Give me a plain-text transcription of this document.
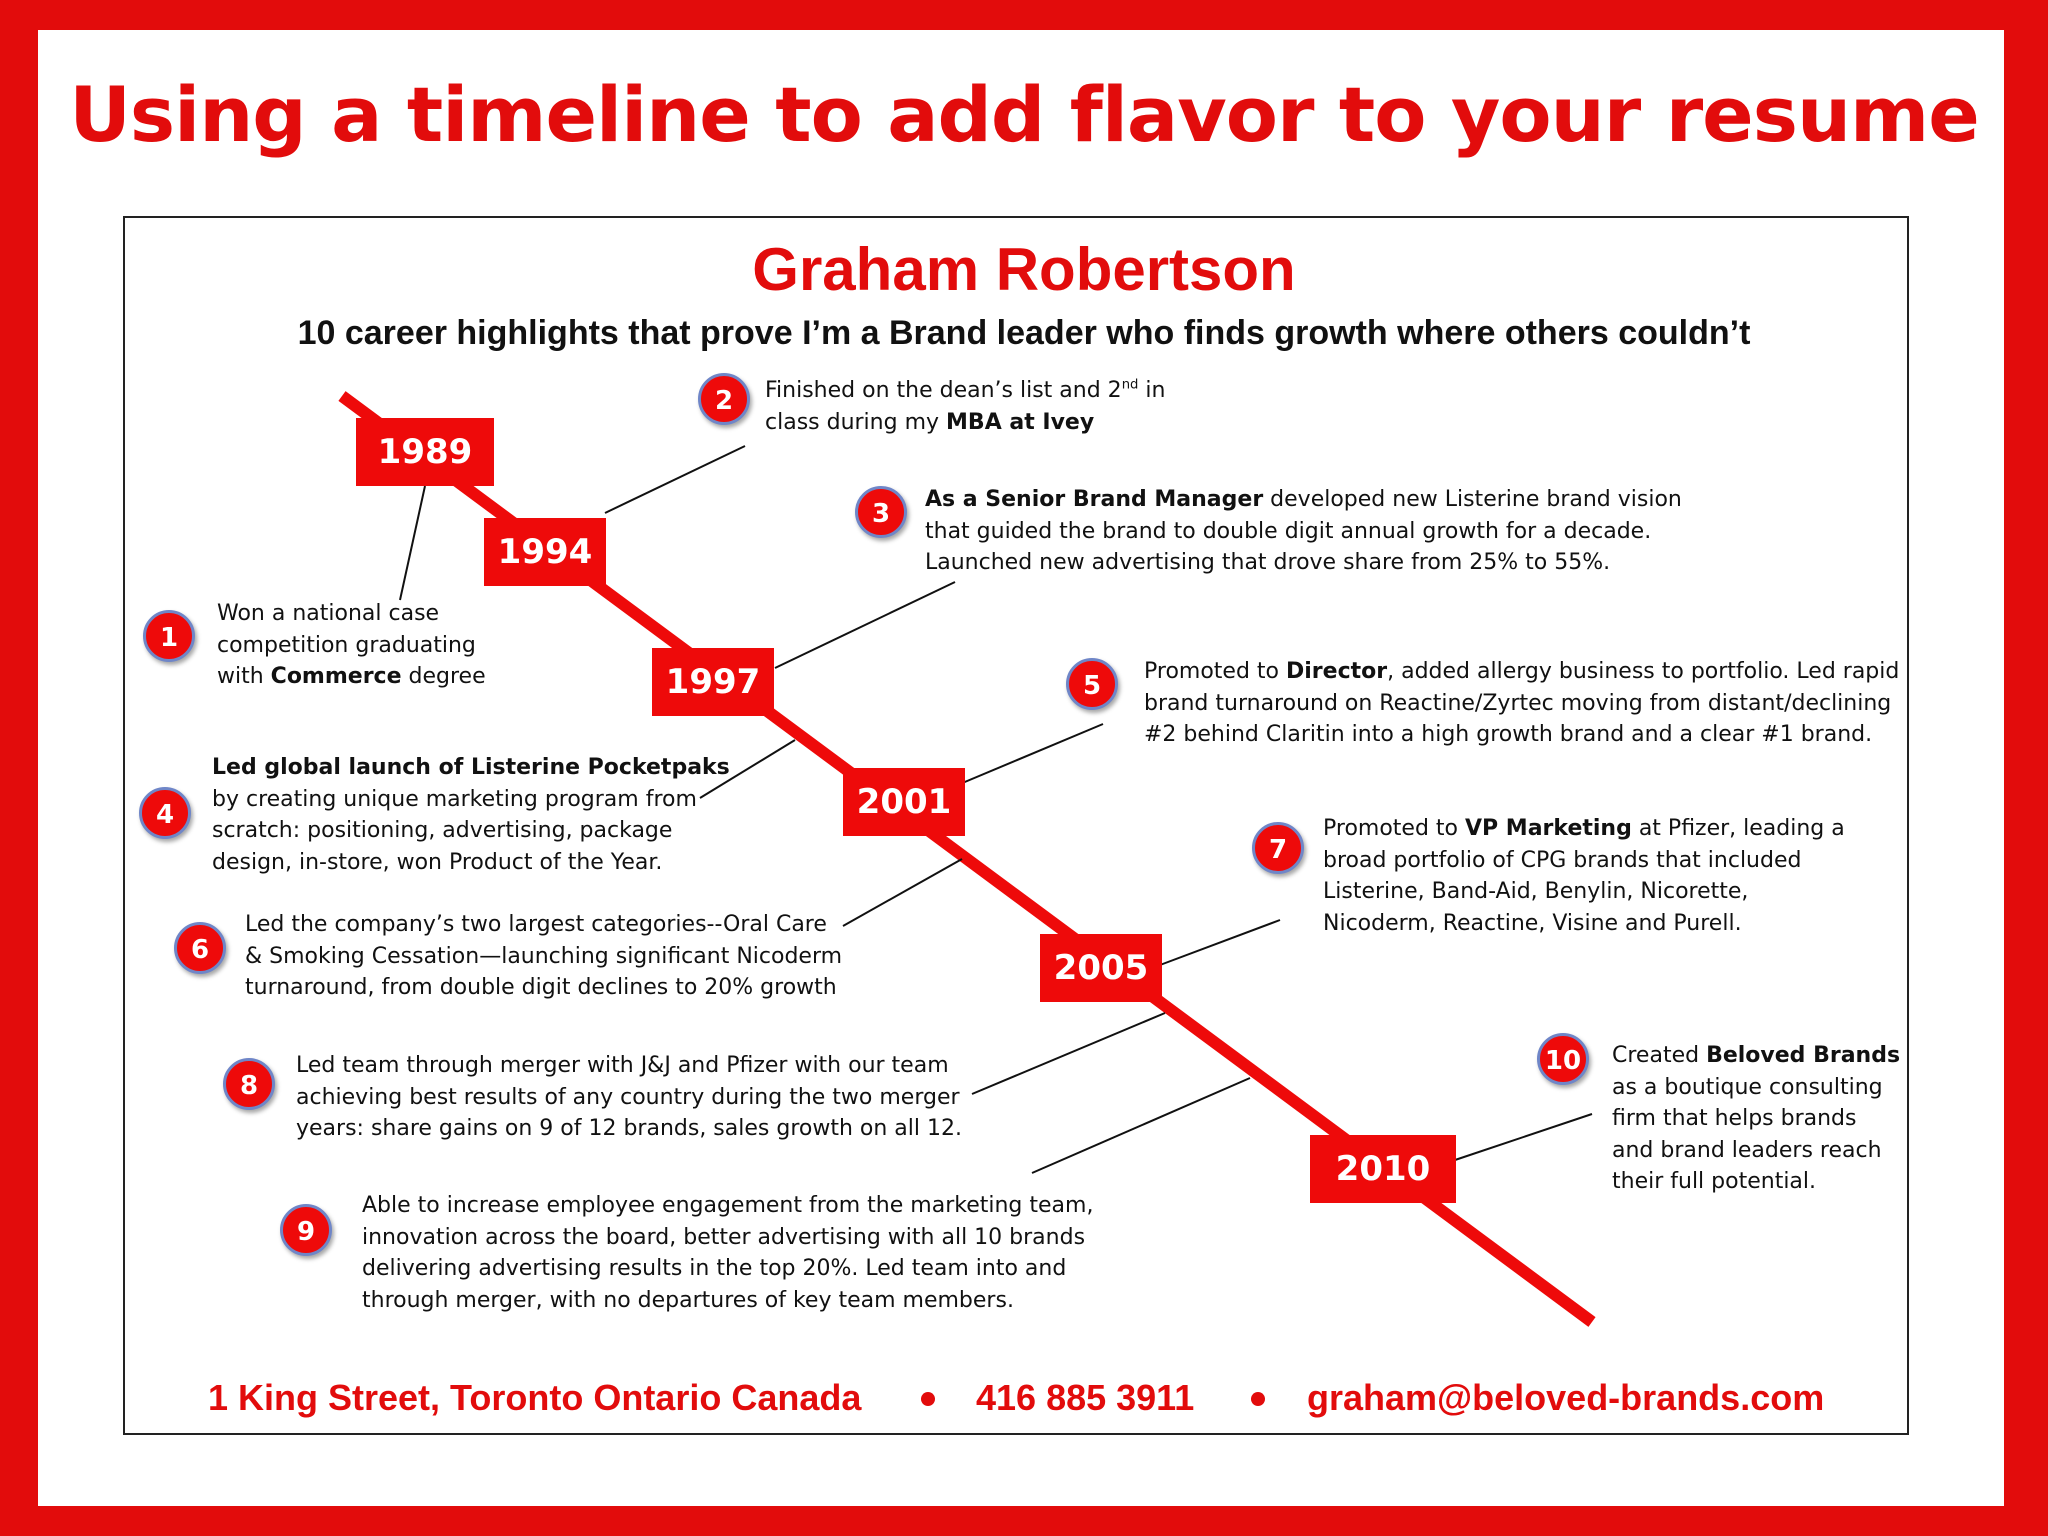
Using a timeline to add flavor to your resume
Graham Robertson
10 career highlights that prove I’m a Brand leader who finds growth where others couldn’t
1989
1994
1997
2001
2005
2010
1
Won a national case
competition graduating
with Commerce degree
2	Finished on the dean’s list and 2nd in
class during my MBA at Ivey
3	As a Senior Brand Manager developed new Listerine brand vision
that guided the brand to double digit annual growth for a decade.
Launched new advertising that drove share from 25% to 55%.
4
Led global launch of Listerine Pocketpaks
by creating unique marketing program from
scratch: positioning, advertising, package
design, in-store, won Product of the Year.
5	Promoted to Director, added allergy business to portfolio. Led rapid
brand turnaround on Reactine/Zyrtec moving from distant/declining
#2 behind Claritin into a high growth brand and a clear #1 brand.
6
Led the company’s two largest categories--Oral Care
& Smoking Cessation—launching significant Nicoderm
turnaround, from double digit declines to 20% growth
7
Promoted to VP Marketing at Pfizer, leading a
broad portfolio of CPG brands that included
Listerine, Band-Aid, Benylin, Nicorette,
Nicoderm, Reactine, Visine and Purell.
8
Led team through merger with J&J and Pfizer with our team
achieving best results of any country during the two merger
years: share gains on 9 of 12 brands, sales growth on all 12.
9
Able to increase employee engagement from the marketing team,
innovation across the board, better advertising with all 10 brands
delivering advertising results in the top 20%. Led team into and
through merger, with no departures of key team members.
10	Created Beloved Brands
as a boutique consulting
firm that helps brands
and brand leaders reach
their full potential.
1 King Street, Toronto Ontario Canada	416 885 3911	graham@beloved-brands.com
